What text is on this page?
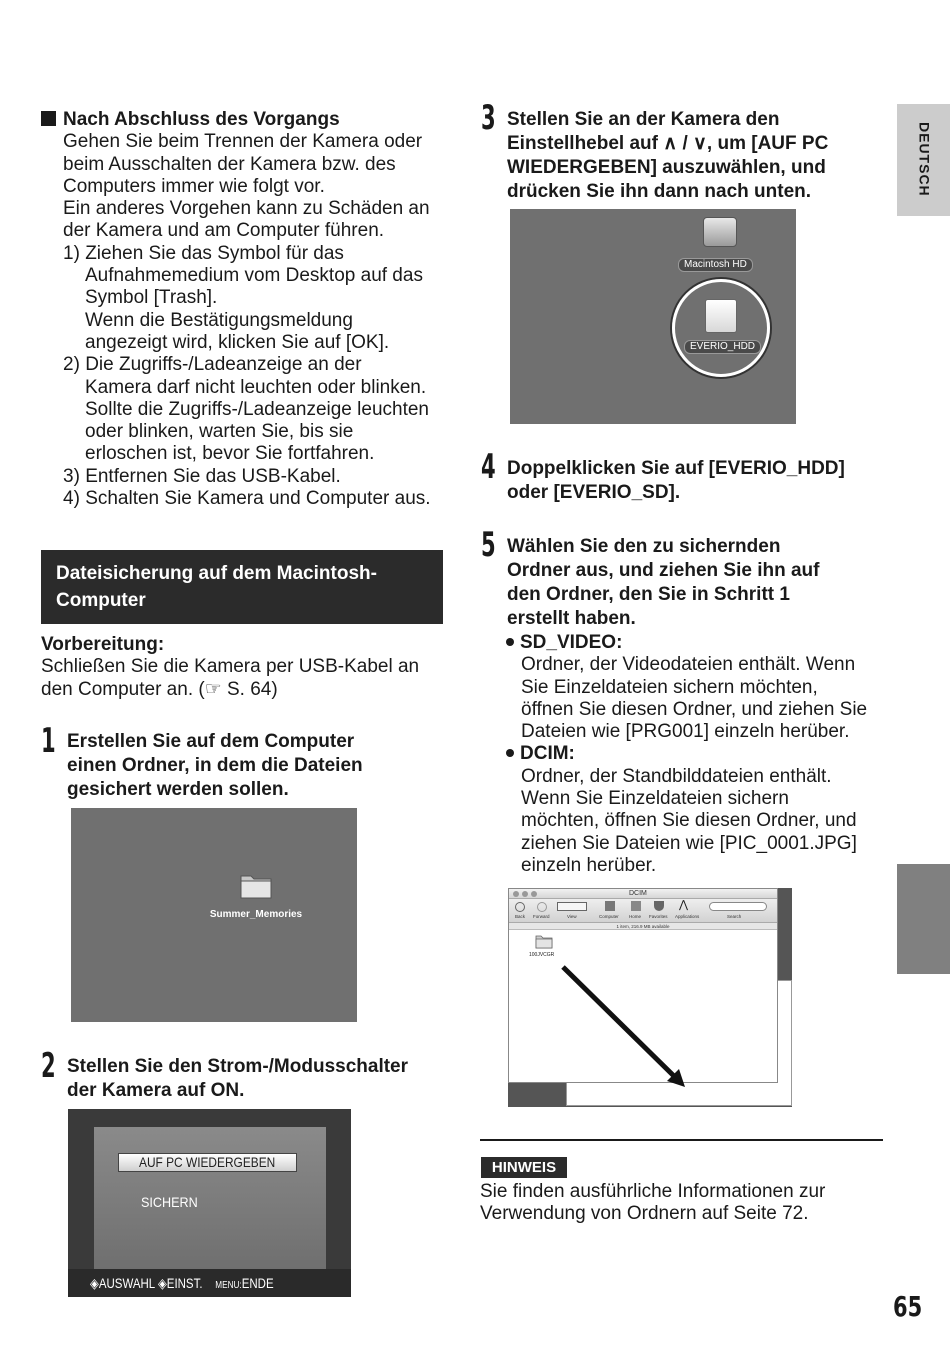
Nach Abschluss des Vorgangs
Gehen Sie beim Trennen der Kamera oder
beim Ausschalten der Kamera bzw. des
Computers immer wie folgt vor.
Ein anderes Vorgehen kann zu Schäden an
der Kamera und am Computer führen.
1) Ziehen Sie das Symbol für das
Aufnahmemedium vom Desktop auf das
Symbol [Trash].
Wenn die Bestätigungsmeldung
angezeigt wird, klicken Sie auf [OK].
2) Die Zugriffs-/Ladeanzeige an der
Kamera darf nicht leuchten oder blinken.
Sollte die Zugriffs-/Ladeanzeige leuchten
oder blinken, warten Sie, bis sie
erloschen ist, bevor Sie fortfahren.
3) Entfernen Sie das USB-Kabel.
4) Schalten Sie Kamera und Computer aus.
Dateisicherung auf dem Macintosh-
Computer
Vorbereitung:
Schließen Sie die Kamera per USB-Kabel an
den Computer an. (☞ S. 64)
1 Erstellen Sie auf dem Computer
einen Ordner, in dem die Dateien
gesichert werden sollen.
Summer_Memories
2 Stellen Sie den Strom-/Modusschalter
der Kamera auf ON.
AUF PC WIEDERGEBEN
SICHERN
◈AUSWAHL ◈EINST. MENU:ENDE
3 Stellen Sie an der Kamera den
Einstellhebel auf ∧ / ∨, um [AUF PC
WIEDERGEBEN] auszuwählen, und
drücken Sie ihn dann nach unten.
Macintosh HD
EVERIO_HDD
4 Doppelklicken Sie auf [EVERIO_HDD]
oder [EVERIO_SD].
5 Wählen Sie den zu sichernden
Ordner aus, und ziehen Sie ihn auf
den Ordner, den Sie in Schritt 1
erstellt haben.
SD_VIDEO:
Ordner, der Videodateien enthält. Wenn
Sie Einzeldateien sichern möchten,
öffnen Sie diesen Ordner, und ziehen Sie
Dateien wie [PRG001] einzeln herüber.
DCIM:
Ordner, der Standbilddateien enthält.
Wenn Sie Einzeldateien sichern
möchten, öffnen Sie diesen Ordner, und
ziehen Sie Dateien wie [PIC_0001.JPG]
einzeln herüber.
DCIM
⋀
Back Forward	View	Computer Home Favorites Applications	Search
1 item, 216.9 MB available
100JVCGR
HINWEIS
Sie finden ausführliche Informationen zur
Verwendung von Ordnern auf Seite 72.
DEUTSCH
65
